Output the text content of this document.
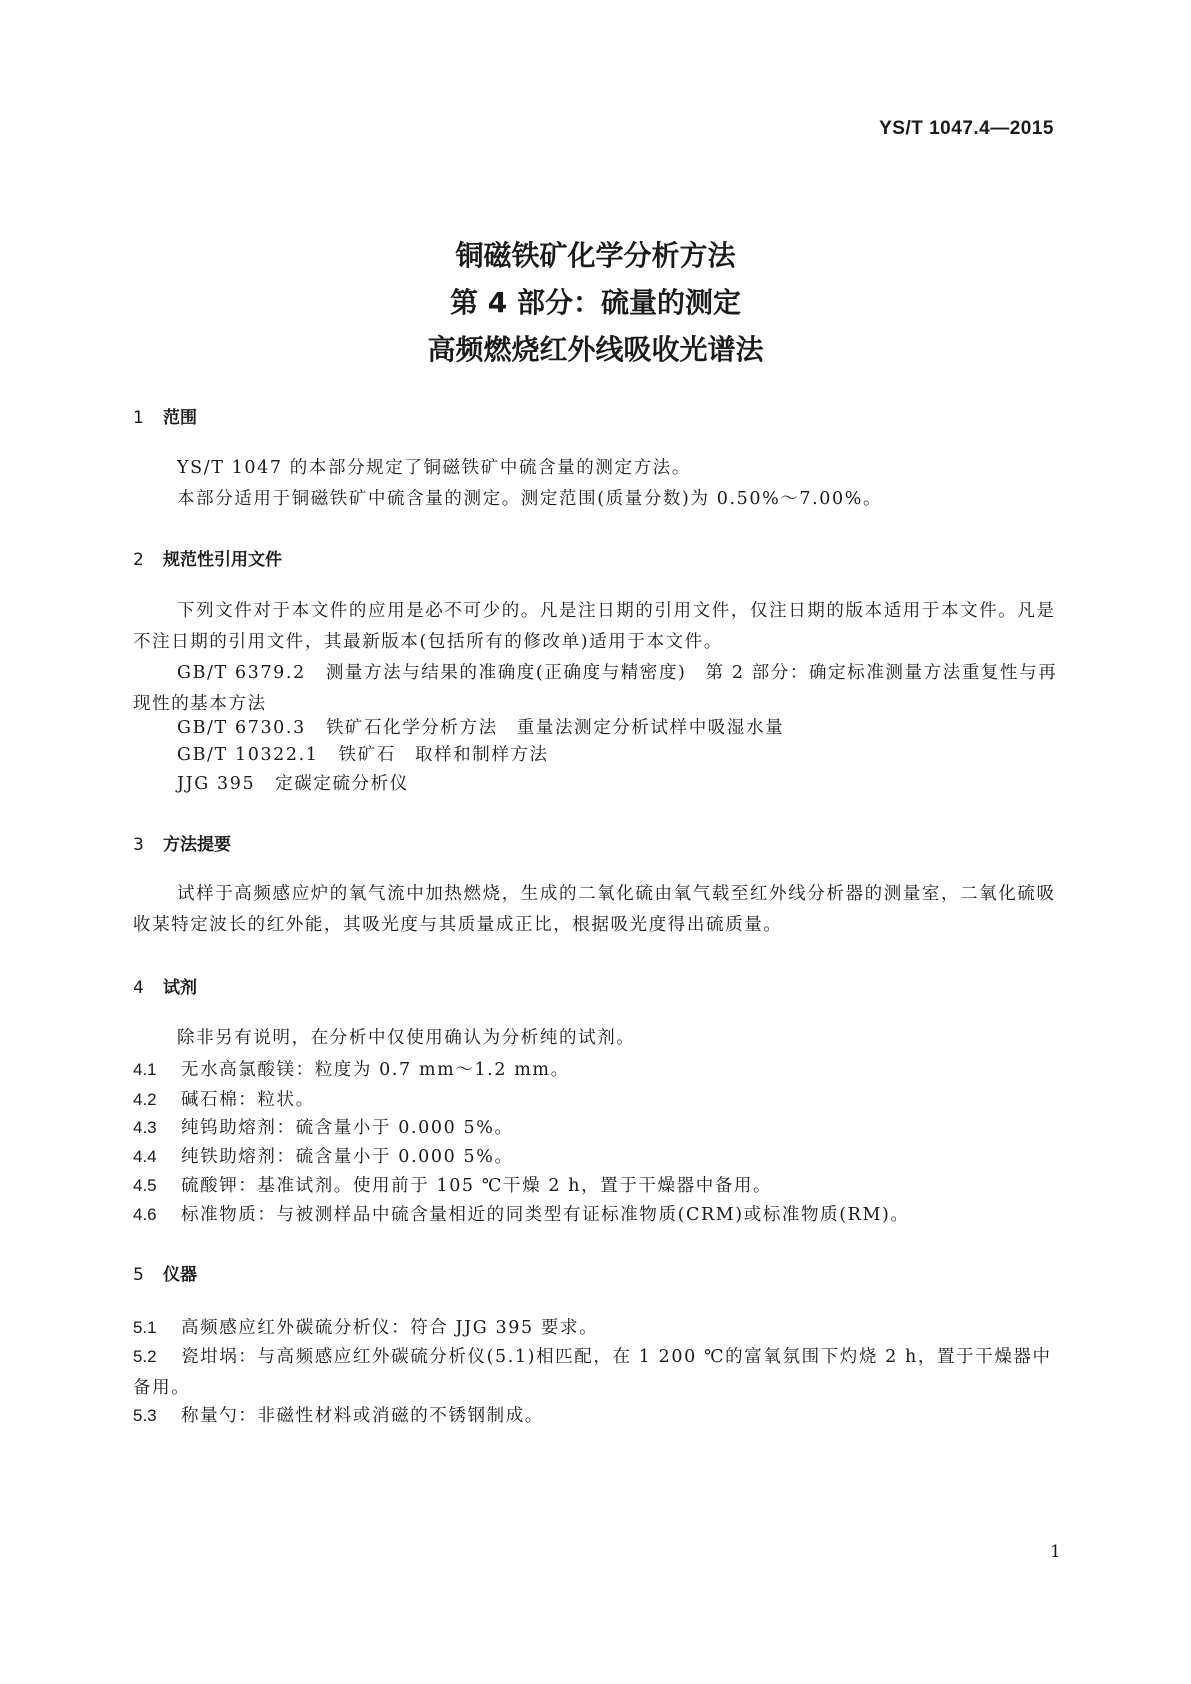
YS/T 1047.4—2015
铜磁铁矿化学分析方法
第 4 部分：硫量的测定
高频燃烧红外线吸收光谱法
1 范围
YS/T 1047 的本部分规定了铜磁铁矿中硫含量的测定方法。
本部分适用于铜磁铁矿中硫含量的测定。测定范围(质量分数)为 0.50%～7.00%。
2 规范性引用文件
下列文件对于本文件的应用是必不可少的。凡是注日期的引用文件，仅注日期的版本适用于本文件。凡是不注日期的引用文件，其最新版本(包括所有的修改单)适用于本文件。
GB/T 6379.2 测量方法与结果的准确度(正确度与精密度)　第 2 部分：确定标准测量方法重复性与再现性的基本方法
GB/T 6730.3 铁矿石化学分析方法　重量法测定分析试样中吸湿水量
GB/T 10322.1 铁矿石　取样和制样方法
JJG 395 定碳定硫分析仪
3 方法提要
试样于高频感应炉的氧气流中加热燃烧，生成的二氧化硫由氧气载至红外线分析器的测量室，二氧化硫吸收某特定波长的红外能，其吸光度与其质量成正比，根据吸光度得出硫质量。
4 试剂
除非另有说明，在分析中仅使用确认为分析纯的试剂。
4.1 无水高氯酸镁：粒度为 0.7 mm～1.2 mm。
4.2 碱石棉：粒状。
4.3 纯钨助熔剂：硫含量小于 0.000 5%。
4.4 纯铁助熔剂：硫含量小于 0.000 5%。
4.5 硫酸钾：基准试剂。使用前于 105 ℃干燥 2 h，置于干燥器中备用。
4.6 标准物质：与被测样品中硫含量相近的同类型有证标准物质(CRM)或标准物质(RM)。
5 仪器
5.1 高频感应红外碳硫分析仪：符合 JJG 395 要求。
5.2 瓷坩埚：与高频感应红外碳硫分析仪(5.1)相匹配，在 1 200 ℃的富氧氛围下灼烧 2 h，置于干燥器中备用。
5.3 称量勺：非磁性材料或消磁的不锈钢制成。
1
